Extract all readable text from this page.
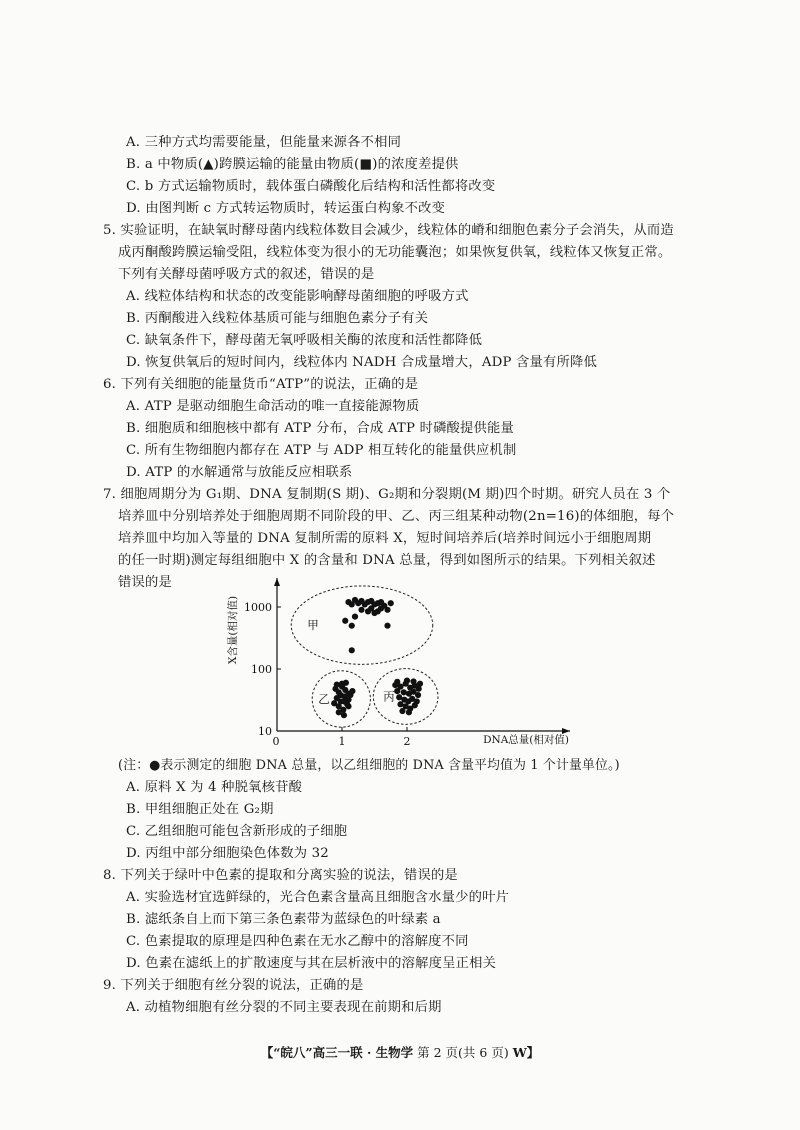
A. 三种方式均需要能量，但能量来源各不相同
B. a 中物质(▲)跨膜运输的能量由物质(■)的浓度差提供
C. b 方式运输物质时，载体蛋白磷酸化后结构和活性都将改变
D. 由图判断 c 方式转运物质时，转运蛋白构象不改变
5. 实验证明，在缺氧时酵母菌内线粒体数目会减少，线粒体的嵴和细胞色素分子会消失，从而造
成丙酮酸跨膜运输受阻，线粒体变为很小的无功能囊泡；如果恢复供氧，线粒体又恢复正常。
下列有关酵母菌呼吸方式的叙述，错误的是
A. 线粒体结构和状态的改变能影响酵母菌细胞的呼吸方式
B. 丙酮酸进入线粒体基质可能与细胞色素分子有关
C. 缺氧条件下，酵母菌无氧呼吸相关酶的浓度和活性都降低
D. 恢复供氧后的短时间内，线粒体内 NADH 合成量增大，ADP 含量有所降低
6. 下列有关细胞的能量货币“ATP”的说法，正确的是
A. ATP 是驱动细胞生命活动的唯一直接能源物质
B. 细胞质和细胞核中都有 ATP 分布，合成 ATP 时磷酸提供能量
C. 所有生物细胞内都存在 ATP 与 ADP 相互转化的能量供应机制
D. ATP 的水解通常与放能反应相联系
7. 细胞周期分为 G₁期、DNA 复制期(S 期)、G₂期和分裂期(M 期)四个时期。研究人员在 3 个
培养皿中分别培养处于细胞周期不同阶段的甲、乙、丙三组某种动物(2n=16)的体细胞，每个
培养皿中均加入等量的 DNA 复制所需的原料 X，短时间培养后(培养时间远小于细胞周期
的任一时期)测定每组细胞中 X 的含量和 DNA 总量，得到如图所示的结果。下列相关叙述
错误的是
0	1	2
10
100
1000
DNA总量(相对值)
X含量(相对值)	甲
乙	丙
(注：●表示测定的细胞 DNA 总量，以乙组细胞的 DNA 含量平均值为 1 个计量单位。)
A. 原料 X 为 4 种脱氧核苷酸
B. 甲组细胞正处在 G₂期
C. 乙组细胞可能包含新形成的子细胞
D. 丙组中部分细胞染色体数为 32
8. 下列关于绿叶中色素的提取和分离实验的说法，错误的是
A. 实验选材宜选鲜绿的，光合色素含量高且细胞含水量少的叶片
B. 滤纸条自上而下第三条色素带为蓝绿色的叶绿素 a
C. 色素提取的原理是四种色素在无水乙醇中的溶解度不同
D. 色素在滤纸上的扩散速度与其在层析液中的溶解度呈正相关
9. 下列关于细胞有丝分裂的说法，正确的是
A. 动植物细胞有丝分裂的不同主要表现在前期和后期
【“皖八”高三一联 · 生物学 第 2 页(共 6 页) W】
